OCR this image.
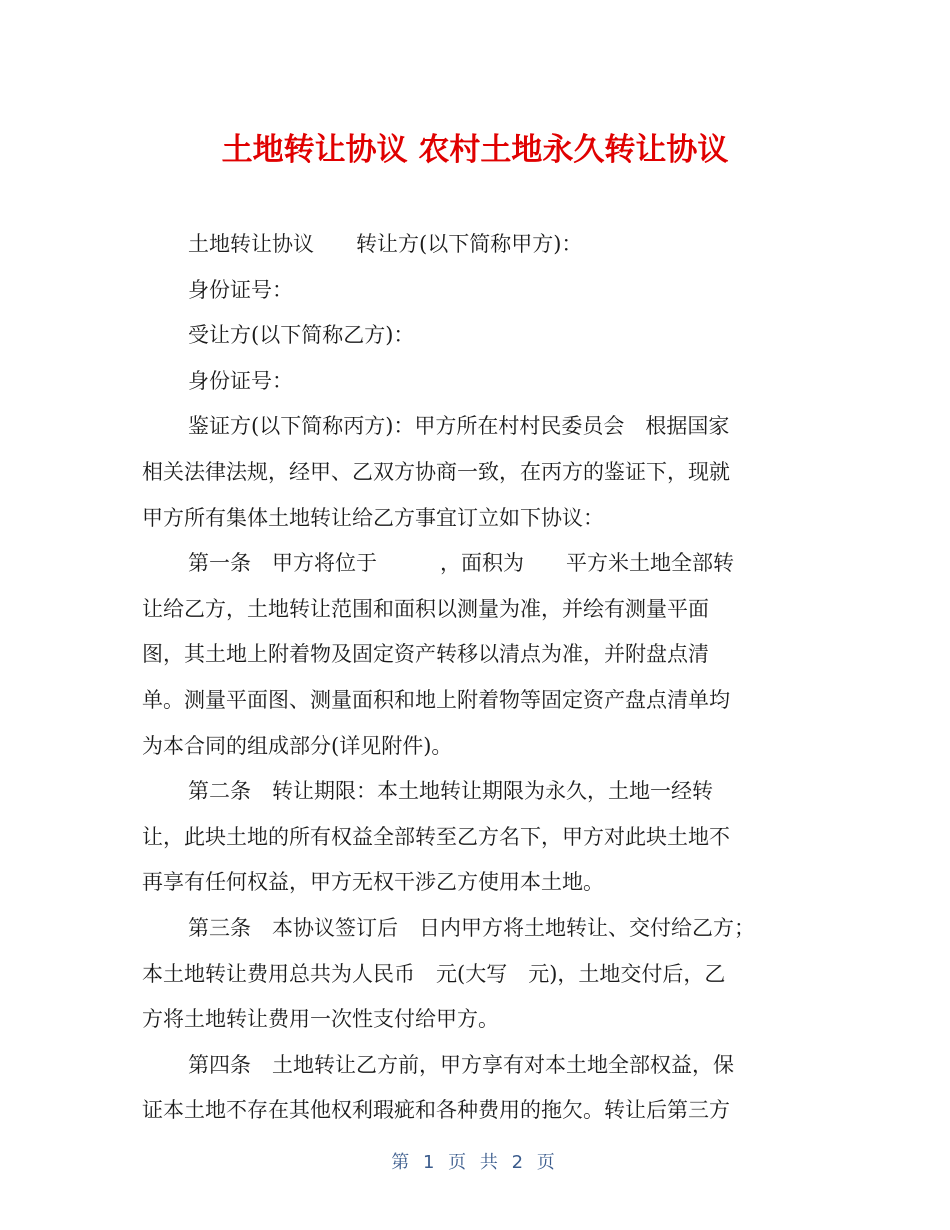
土地转让协议 农村土地永久转让协议
土地转让协议　　转让方(以下简称甲方)：
身份证号：
受让方(以下简称乙方)：
身份证号：
鉴证方(以下简称丙方)：甲方所在村村民委员会　根据国家
相关法律法规，经甲、乙双方协商一致，在丙方的鉴证下，现就
甲方所有集体土地转让给乙方事宜订立如下协议：
第一条　甲方将位于　　　，面积为　　平方米土地全部转
让给乙方，土地转让范围和面积以测量为准，并绘有测量平面
图，其土地上附着物及固定资产转移以清点为准，并附盘点清
单。测量平面图、测量面积和地上附着物等固定资产盘点清单均
为本合同的组成部分(详见附件)。
第二条　转让期限：本土地转让期限为永久，土地一经转
让，此块土地的所有权益全部转至乙方名下，甲方对此块土地不
再享有任何权益，甲方无权干涉乙方使用本土地。
第三条　本协议签订后　日内甲方将土地转让、交付给乙方；
本土地转让费用总共为人民币　元(大写　元)，土地交付后，乙
方将土地转让费用一次性支付给甲方。
第四条　土地转让乙方前，甲方享有对本土地全部权益，保
证本土地不存在其他权利瑕疵和各种费用的拖欠。转让后第三方
第 1 页 共 2 页
